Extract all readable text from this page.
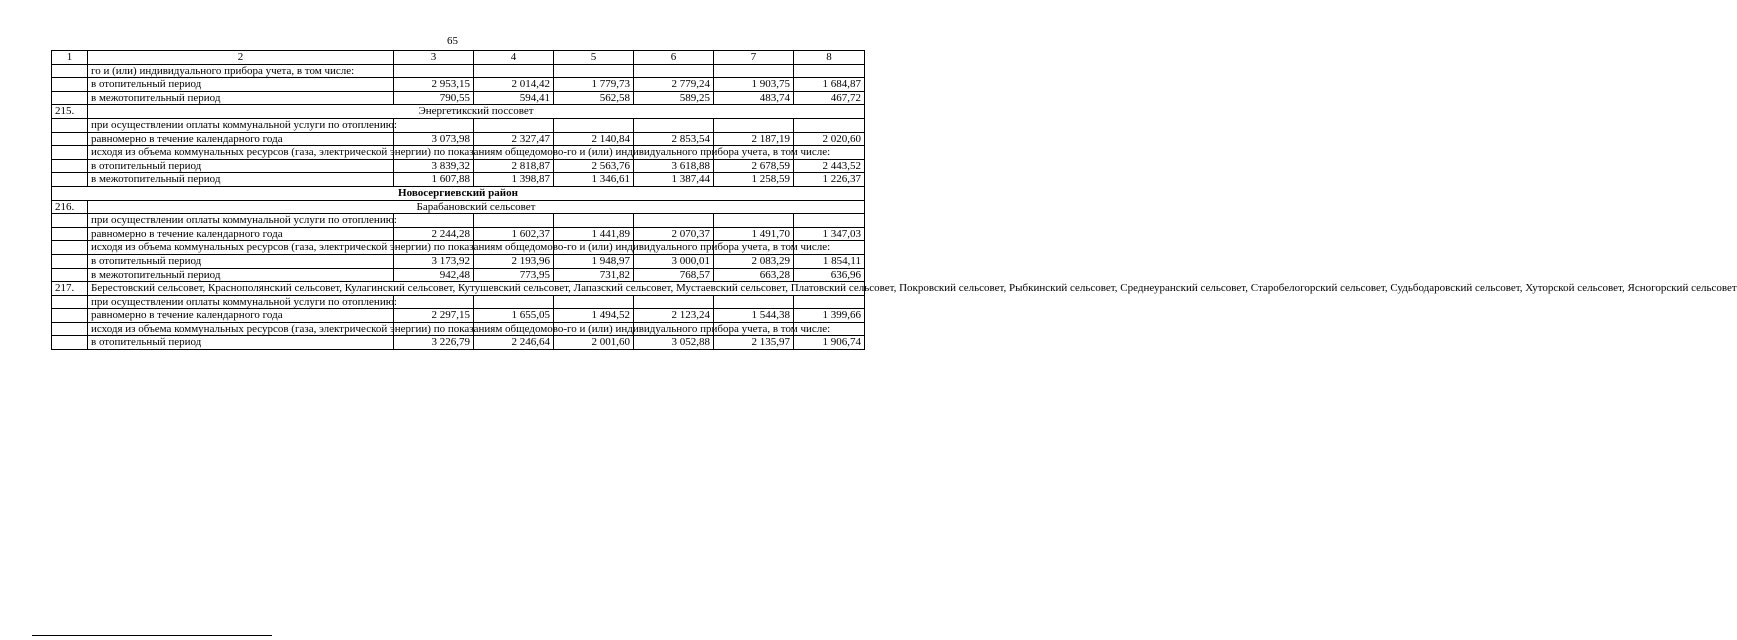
65
1	2	3	4	5	6	7	8
	го и (или) индивидуального прибора учета, в том числе:						
	в отопительный период	2 953,15	2 014,42	1 779,73	2 779,24	1 903,75	1 684,87
	в межотопительный период	790,55	594,41	562,58	589,25	483,74	467,72
215.	Энергетикский поссовет						
	при осуществлении оплаты коммунальной услуги по отоплению:						
	равномерно в течение календарного года	3 073,98	2 327,47	2 140,84	2 853,54	2 187,19	2 020,60
	исходя из объема коммунальных ресурсов (газа, электрической энергии) по показаниям общедомово-го и (или) индивидуального прибора учета, в том числе:						
	в отопительный период	3 839,32	2 818,87	2 563,76	3 618,88	2 678,59	2 443,52
	в межотопительный период	1 607,88	1 398,87	1 346,61	1 387,44	1 258,59	1 226,37
Новосергиевский район							
216.	Барабановский сельсовет						
	при осуществлении оплаты коммунальной услуги по отоплению:						
	равномерно в течение календарного года	2 244,28	1 602,37	1 441,89	2 070,37	1 491,70	1 347,03
	исходя из объема коммунальных ресурсов (газа, электрической энергии) по показаниям общедомово-го и (или) индивидуального прибора учета, в том числе:						
	в отопительный период	3 173,92	2 193,96	1 948,97	3 000,01	2 083,29	1 854,11
	в межотопительный период	942,48	773,95	731,82	768,57	663,28	636,96
217.	Берестовский сельсовет, Краснополянский сельсовет, Кулагинский сельсовет, Кутушевский сельсовет, Лапазский сельсовет, Мустаевский сельсовет, Платовский сельсовет, Покровский сельсовет, Рыбкинский сельсовет, Среднеуранский сельсовет, Старобелогорский сельсовет, Судьбодаровский сельсовет, Хуторской сельсовет, Ясногорский сельсовет						
	при осуществлении оплаты коммунальной услуги по отоплению:						
	равномерно в течение календарного года	2 297,15	1 655,05	1 494,52	2 123,24	1 544,38	1 399,66
	исходя из объема коммунальных ресурсов (газа, электрической энергии) по показаниям общедомово-го и (или) индивидуального прибора учета, в том числе:						
	в отопительный период	3 226,79	2 246,64	2 001,60	3 052,88	2 135,97	1 906,74
